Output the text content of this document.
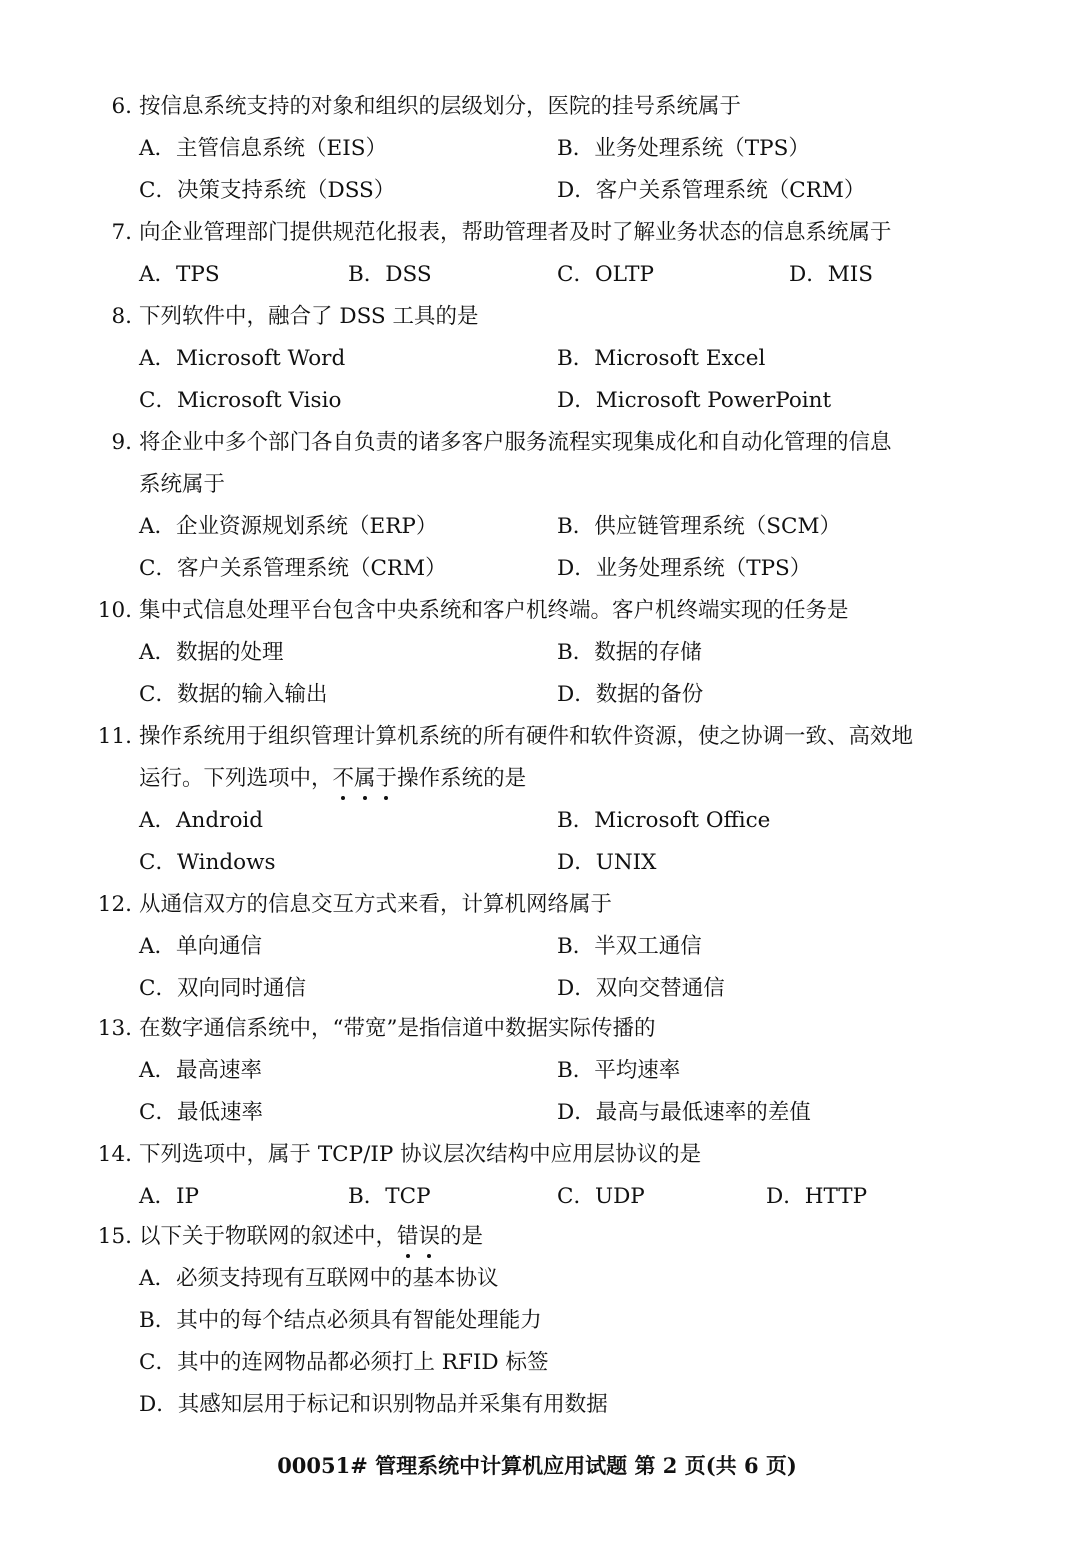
6. 按信息系统支持的对象和组织的层级划分，医院的挂号系统属于
A．主管信息系统（EIS）	B．业务处理系统（TPS）
C．决策支持系统（DSS）	D．客户关系管理系统（CRM）
7. 向企业管理部门提供规范化报表，帮助管理者及时了解业务状态的信息系统属于
A．TPS	B．DSS	C．OLTP	D．MIS
8. 下列软件中，融合了 DSS 工具的是
A．Microsoft Word	B．Microsoft Excel
C．Microsoft Visio	D．Microsoft PowerPoint
9. 将企业中多个部门各自负责的诸多客户服务流程实现集成化和自动化管理的信息
系统属于
A．企业资源规划系统（ERP）	B．供应链管理系统（SCM）
C．客户关系管理系统（CRM）	D．业务处理系统（TPS）
10. 集中式信息处理平台包含中央系统和客户机终端。客户机终端实现的任务是
A．数据的处理	B．数据的存储
C．数据的输入输出	D．数据的备份
11. 操作系统用于组织管理计算机系统的所有硬件和软件资源，使之协调一致、高效地
运行。下列选项中，不属于操作系统的是
A．Android	B．Microsoft Office
C．Windows	D．UNIX
12. 从通信双方的信息交互方式来看，计算机网络属于
A．单向通信	B．半双工通信
C．双向同时通信	D．双向交替通信
13. 在数字通信系统中，“带宽”是指信道中数据实际传播的
A．最高速率	B．平均速率
C．最低速率	D．最高与最低速率的差值
14. 下列选项中，属于 TCP/IP 协议层次结构中应用层协议的是
A．IP	B．TCP	C．UDP	D．HTTP
15. 以下关于物联网的叙述中，错误的是
A．必须支持现有互联网中的基本协议
B．其中的每个结点必须具有智能处理能力
C．其中的连网物品都必须打上 RFID 标签
D．其感知层用于标记和识别物品并采集有用数据
00051# 管理系统中计算机应用试题 第 2 页(共 6 页)
